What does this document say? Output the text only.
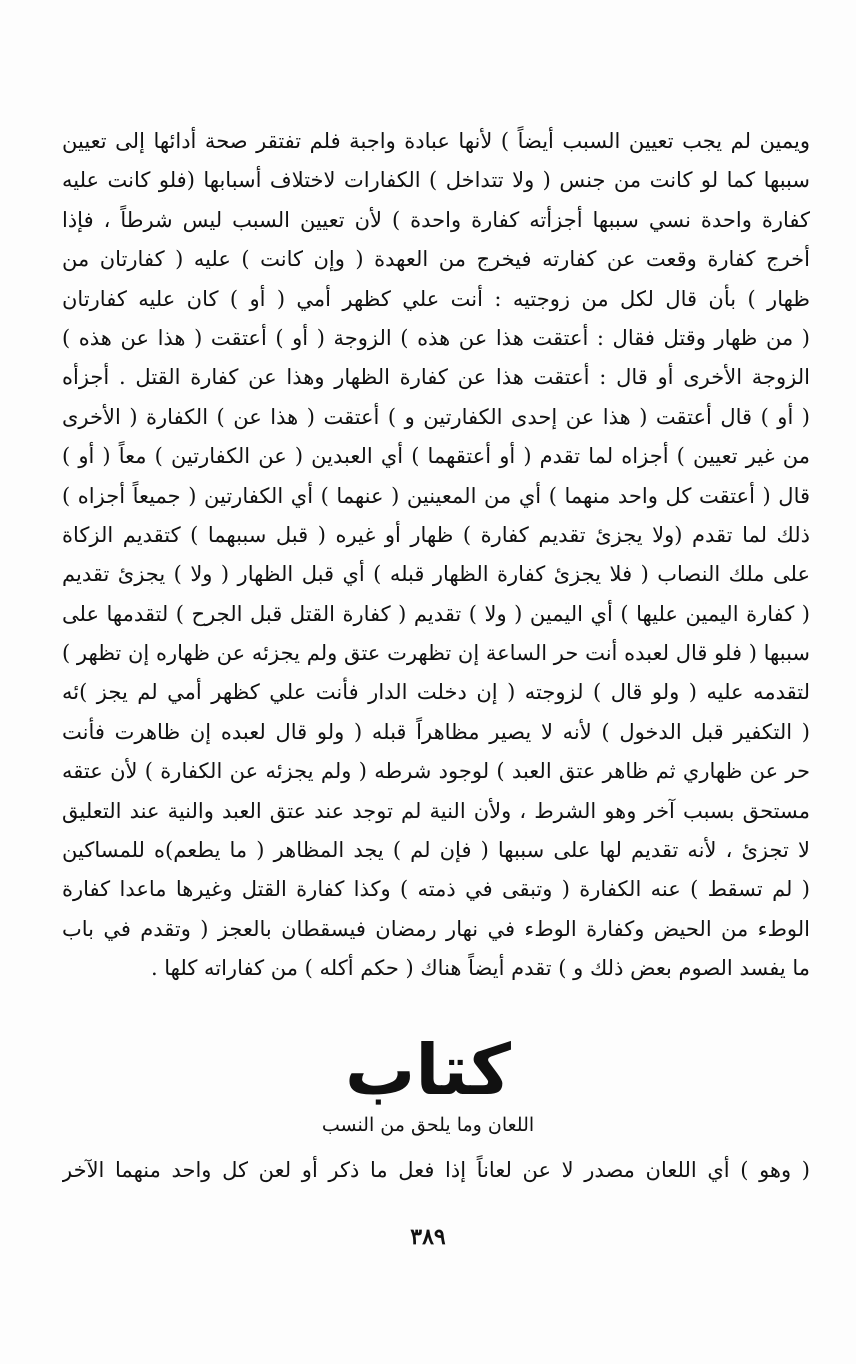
ويمين لم يجب تعيين السبب أيضاً ) لأنها عبادة واجبة فلم تفتقر صحة أدائها إلى تعيين
سببها كما لو كانت من جنس ( ولا تتداخل ) الكفارات لاختلاف أسبابها (فلو كانت عليه
كفارة واحدة نسي سببها أجزأته كفارة واحدة ) لأن تعيين السبب ليس شرطاً ، فإذا
أخرج كفارة وقعت عن كفارته فيخرج من العهدة ( وإن كانت ) عليه ( كفارتان من
ظهار ) بأن قال لكل من زوجتيه : أنت علي كظهر أمي ( أو ) كان عليه كفارتان
( من ظهار وقتل فقال : أعتقت هذا عن هذه ) الزوجة ( أو ) أعتقت ( هذا عن هذه )
الزوجة الأخرى أو قال : أعتقت هذا عن كفارة الظهار وهذا عن كفارة القتل . أجزأه
( أو ) قال أعتقت ( هذا عن إحدى الكفارتين و ) أعتقت ( هذا عن ) الكفارة ( الأخرى
من غير تعيين ) أجزاه لما تقدم ( أو أعتقهما ) أي العبدين ( عن الكفارتين ) معاً ( أو )
قال ( أعتقت كل واحد منهما ) أي من المعينين ( عنهما ) أي الكفارتين ( جميعاً أجزاه )
ذلك لما تقدم (ولا يجزئ تقديم كفارة ) ظهار أو غيره ( قبل سببهما ) كتقديم الزكاة
على ملك النصاب ( فلا يجزئ كفارة الظهار قبله ) أي قبل الظهار ( ولا ) يجزئ تقديم
( كفارة اليمين عليها ) أي اليمين ( ولا ) تقديم ( كفارة القتل قبل الجرح ) لتقدمها على
سببها ( فلو قال لعبده أنت حر الساعة إن تظهرت عتق ولم يجزئه عن ظهاره إن تظهر )
لتقدمه عليه ( ولو قال ) لزوجته ( إن دخلت الدار فأنت علي كظهر أمي لم يجز )ئه
( التكفير قبل الدخول ) لأنه لا يصير مظاهراً قبله ( ولو قال لعبده إن ظاهرت فأنت
حر عن ظهاري ثم ظاهر عتق العبد ) لوجود شرطه ( ولم يجزئه عن الكفارة ) لأن عتقه
مستحق بسبب آخر وهو الشرط ، ولأن النية لم توجد عند عتق العبد والنية عند التعليق
لا تجزئ ، لأنه تقديم لها على سببها ( فإن لم ) يجد المظاهر ( ما يطعم)ه للمساكين
( لم تسقط ) عنه الكفارة ( وتبقى في ذمته ) وكذا كفارة القتل وغيرها ماعدا كفارة
الوطء من الحيض وكفارة الوطء في نهار رمضان فيسقطان بالعجز ( وتقدم في باب
ما يفسد الصوم بعض ذلك و ) تقدم أيضاً هناك ( حكم أكله ) من كفاراته كلها .
كتاب
اللعان وما يلحق من النسب
( وهو ) أي اللعان مصدر لا عن لعاناً إذا فعل ما ذكر أو لعن كل واحد منهما الآخر
٣٨٩
